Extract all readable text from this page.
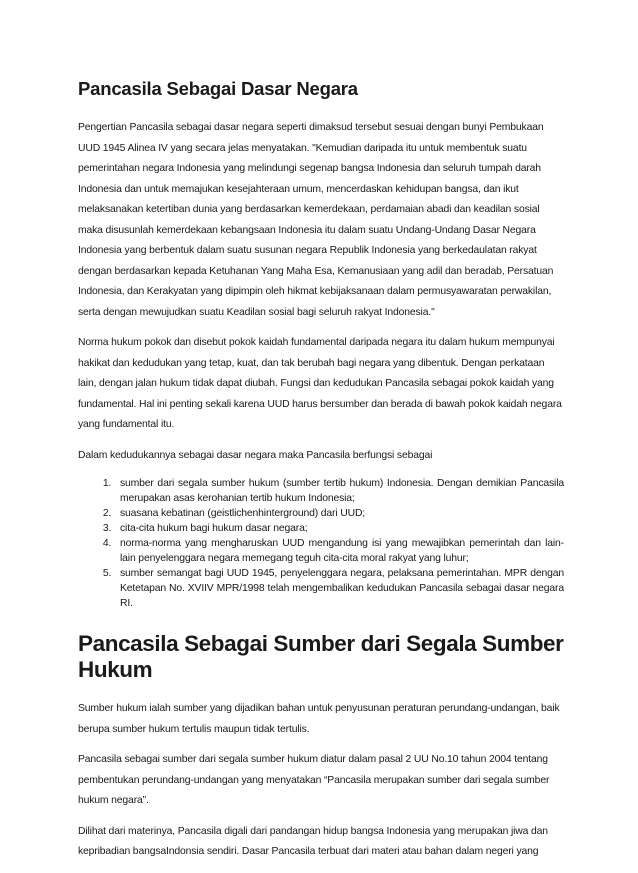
Pancasila Sebagai Dasar Negara

Pengertian Pancasila sebagai dasar negara seperti dimaksud tersebut sesuai dengan bunyi Pembukaan UUD 1945 Alinea IV yang secara jelas menyatakan. "Kemudian daripada itu untuk membentuk suatu pemerintahan negara Indonesia yang melindungi segenap bangsa Indonesia dan seluruh tumpah darah Indonesia dan untuk memajukan kesejahteraan umum, mencerdaskan kehidupan bangsa, dan ikut melaksanakan ketertiban dunia yang berdasarkan kemerdekaan, perdamaian abadi dan keadilan sosial maka disusunlah kemerdekaan kebangsaan Indonesia itu dalam suatu Undang-Undang Dasar Negara Indonesia yang berbentuk dalam suatu susunan negara Republik Indonesia yang berkedaulatan rakyat dengan berdasarkan kepada Ketuhanan Yang Maha Esa, Kemanusiaan yang adil dan beradab, Persatuan Indonesia, dan Kerakyatan yang dipimpin oleh hikmat kebijaksanaan dalam permusyawaratan perwakilan, serta dengan mewujudkan suatu Keadilan sosial bagi seluruh rakyat Indonesia."

Norma hukum pokok dan disebut pokok kaidah fundamental daripada negara itu dalam hukum mempunyai hakikat dan kedudukan yang tetap, kuat, dan tak berubah bagi negara yang dibentuk. Dengan perkataan lain, dengan jalan hukum tidak dapat diubah. Fungsi dan kedudukan Pancasila sebagai pokok kaidah yang fundamental. Hal ini penting sekali karena UUD harus bersumber dan berada di bawah pokok kaidah negara yang fundamental itu.

Dalam kedudukannya sebagai dasar negara maka Pancasila berfungsi sebagai

1. sumber dari segala sumber hukum (sumber tertib hukum) Indonesia. Dengan demikian Pancasila merupakan asas kerohanian tertib hukum Indonesia;
2. suasana kebatinan (geistlichenhinterground) dari UUD;
3. cita-cita hukum bagi hukum dasar negara;
4. norma-norma yang mengharuskan UUD mengandung isi yang mewajibkan pemerintah dan lain-lain penyelenggara negara memegang teguh cita-cita moral rakyat yang luhur;
5. sumber semangat bagi UUD 1945, penyelenggara negara, pelaksana pemerintahan. MPR dengan Ketetapan No. XVIIV MPR/1998 telah mengembalikan kedudukan Pancasila sebagai dasar negara RI.
Pancasila Sebagai Sumber dari Segala Sumber Hukum

Sumber hukum ialah sumber yang dijadikan bahan untuk penyusunan peraturan perundang-undangan, baik berupa sumber hukum tertulis maupun tidak tertulis.

Pancasila sebagai sumber dari segala sumber hukum diatur dalam pasal 2 UU No.10 tahun 2004 tentang pembentukan perundang-undangan yang menyatakan “Pancasila merupakan sumber dari segala sumber hukum negara”.

Dilihat dari materinya, Pancasila digali dari pandangan hidup bangsa Indonesia yang merupakan jiwa dan kepribadian bangsaIndonsia sendiri. Dasar Pancasila terbuat dari materi atau bahan dalam negeri yang
